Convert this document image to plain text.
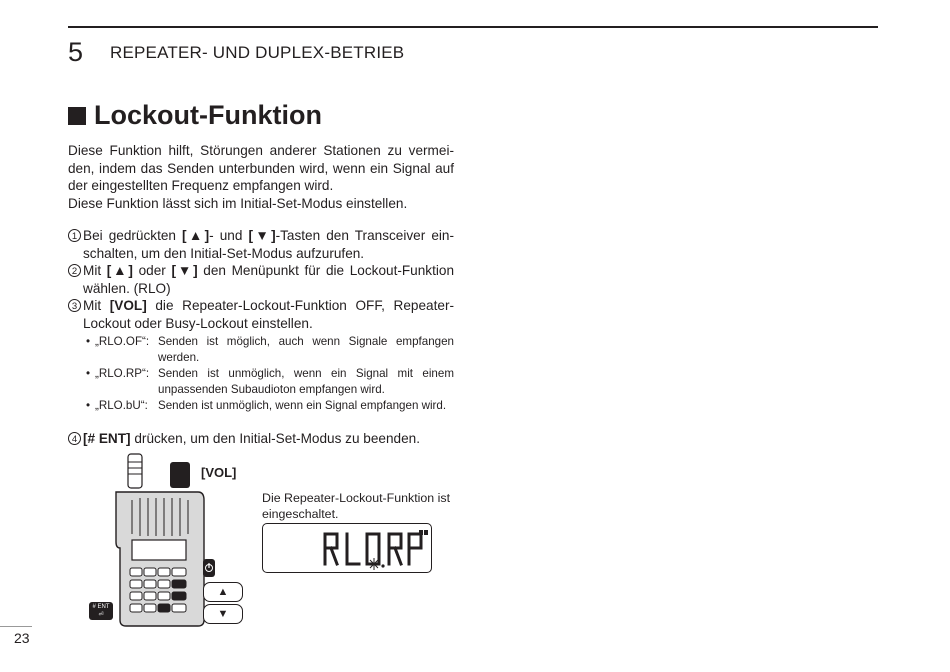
5 REPEATER- UND DUPLEX-BETRIEB
Lockout-Funktion

Diese Funktion hilft, Störungen anderer Stationen zu vermei-den, indem das Senden unterbunden wird, wenn ein Signal auf der eingestellten Frequenz empfangen wird.

Diese Funktion lässt sich im Initial-Set-Modus einstellen.

1 Bei gedrückten [▲]- und [▼]-Tasten den Transceiver ein-schalten, um den Initial-Set-Modus aufzurufen.
2 Mit [▲] oder [▼] den Menüpunkt für die Lockout-Funktion wählen. (RLO)
3 Mit [VOL] die Repeater-Lockout-Funktion OFF, Repeater-Lockout oder Busy-Lockout einstellen.
• „RLO.OF“: Senden ist möglich, auch wenn Signale empfangen werden.
• „RLO.RP“: Senden ist unmöglich, wenn ein Signal mit einem unpassenden Subaudioton empfangen wird.
• „RLO.bU“: Senden ist unmöglich, wenn ein Signal empfangen wird.
4 [# ENT] drücken, um den Initial-Set-Modus zu beenden.
# ENT
⏎
▲
▼
[VOL]
Die Repeater-Lockout-Funktion ist eingeschaltet.
23
